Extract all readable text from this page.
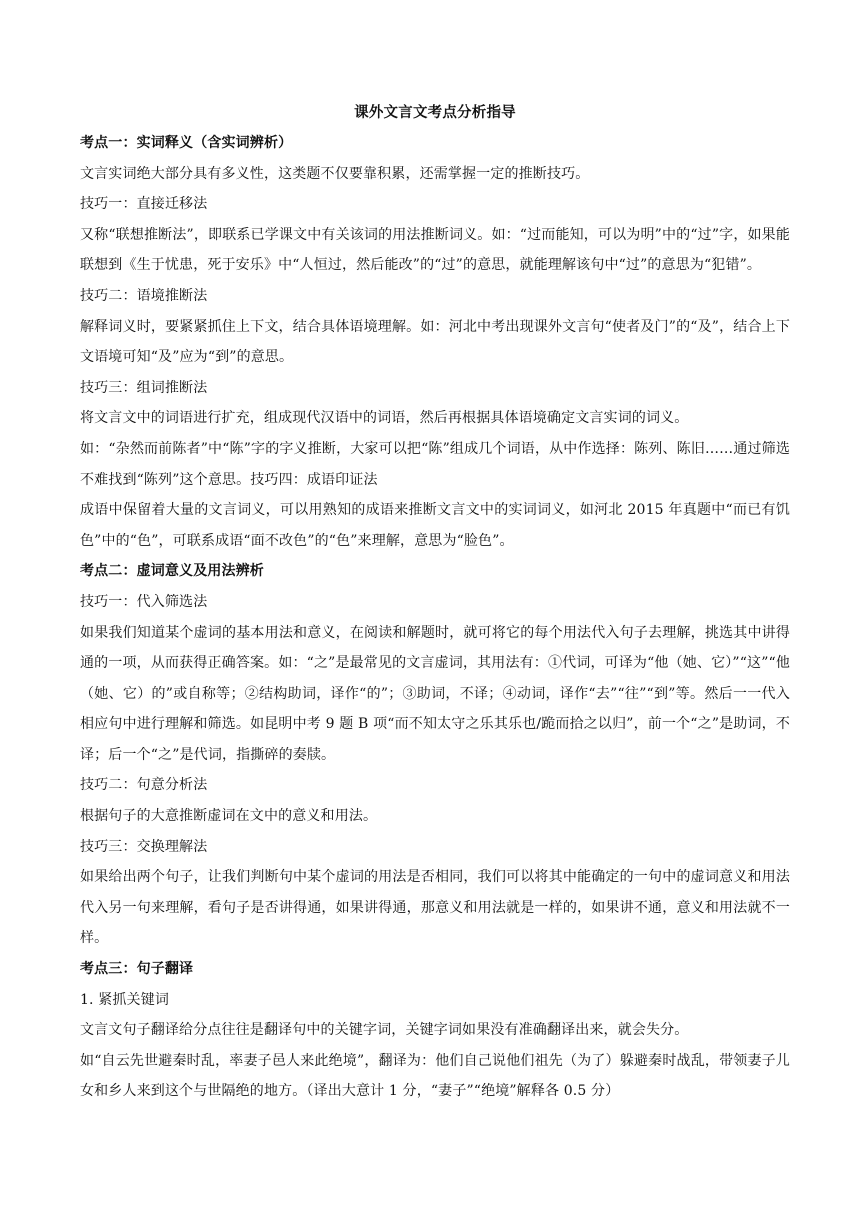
课外文言文考点分析指导

考点一：实词释义（含实词辨析）

文言实词绝大部分具有多义性，这类题不仅要靠积累，还需掌握一定的推断技巧。

技巧一：直接迁移法

又称“联想推断法”，即联系已学课文中有关该词的用法推断词义。如：“过而能知，可以为明”中的“过”字，如果能联想到《生于忧患，死于安乐》中“人恒过，然后能改”的“过”的意思，就能理解该句中“过”的意思为“犯错”。

技巧二：语境推断法

解释词义时，要紧紧抓住上下文，结合具体语境理解。如：河北中考出现课外文言句“使者及门”的“及”，结合上下文语境可知“及”应为“到”的意思。

技巧三：组词推断法

将文言文中的词语进行扩充，组成现代汉语中的词语，然后再根据具体语境确定文言实词的词义。

如：“杂然而前陈者”中“陈”字的字义推断，大家可以把“陈”组成几个词语，从中作选择：陈列、陈旧……通过筛选不难找到“陈列”这个意思。技巧四：成语印证法

成语中保留着大量的文言词义，可以用熟知的成语来推断文言文中的实词词义，如河北 2015 年真题中“而已有饥色”中的“色”，可联系成语“面不改色”的“色”来理解，意思为“脸色”。

考点二：虚词意义及用法辨析

技巧一：代入筛选法

如果我们知道某个虚词的基本用法和意义，在阅读和解题时，就可将它的每个用法代入句子去理解，挑选其中讲得通的一项，从而获得正确答案。如：“之”是最常见的文言虚词，其用法有：①代词，可译为“他（她、它）”“这”“他（她、它）的”或自称等；②结构助词，译作“的”；③助词，不译；④动词，译作“去”“往”“到”等。然后一一代入相应句中进行理解和筛选。如昆明中考 9 题 B 项“而不知太守之乐其乐也/跪而拾之以归”，前一个“之”是助词，不译；后一个“之”是代词，指撕碎的奏牍。

技巧二：句意分析法

根据句子的大意推断虚词在文中的意义和用法。

技巧三：交换理解法

如果给出两个句子，让我们判断句中某个虚词的用法是否相同，我们可以将其中能确定的一句中的虚词意义和用法代入另一句来理解，看句子是否讲得通，如果讲得通，那意义和用法就是一样的，如果讲不通，意义和用法就不一样。

考点三：句子翻译

1. 紧抓关键词

文言文句子翻译给分点往往是翻译句中的关键字词，关键字词如果没有准确翻译出来，就会失分。

如“自云先世避秦时乱，率妻子邑人来此绝境”，翻译为：他们自己说他们祖先（为了）躲避秦时战乱，带领妻子儿女和乡人来到这个与世隔绝的地方。（译出大意计 1 分，“妻子”“绝境”解释各 0.5 分）
